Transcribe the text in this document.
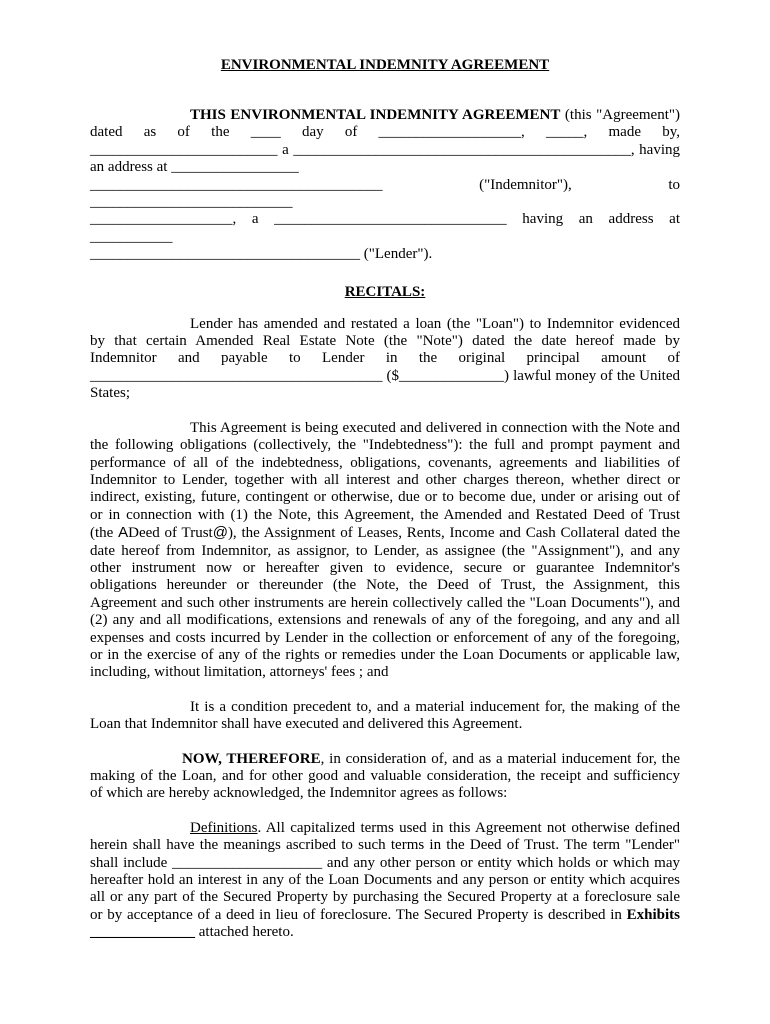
ENVIRONMENTAL INDEMNITY AGREEMENT

THIS ENVIRONMENTAL INDEMNITY AGREEMENT (this "Agreement")

dated as of the ____ day of ___________________, _____, made by,

_________________________ a _____________________________________________, having

an address at _________________

_______________________________________ ("Indemnitor"), to

___________________________

___________________, a _______________________________ having an address at

___________

____________________________________ ("Lender").

RECITALS:

Lender has amended and restated a loan (the "Loan") to Indemnitor evidenced

by that certain Amended Real Estate Note (the "Note") dated the date hereof made by

Indemnitor and payable to Lender in the original principal amount of

_______________________________________ ($______________) lawful money of the United

States;

This Agreement is being executed and delivered in connection with the Note and

the following obligations (collectively, the "Indebtedness"): the full and prompt payment and

performance of all of the indebtedness, obligations, covenants, agreements and liabilities of

Indemnitor to Lender, together with all interest and other charges thereon, whether direct or

indirect, existing, future, contingent or otherwise, due or to become due, under or arising out of

or in connection with (1) the Note, this Agreement, the Amended and Restated Deed of Trust

(the ADeed of Trust@), the Assignment of Leases, Rents, Income and Cash Collateral dated the

date hereof from Indemnitor, as assignor, to Lender, as assignee (the "Assignment"), and any

other instrument now or hereafter given to evidence, secure or guarantee Indemnitor's

obligations hereunder or thereunder (the Note, the Deed of Trust, the Assignment, this

Agreement and such other instruments are herein collectively called the "Loan Documents"), and

(2) any and all modifications, extensions and renewals of any of the foregoing, and any and all

expenses and costs incurred by Lender in the collection or enforcement of any of the foregoing,

or in the exercise of any of the rights or remedies under the Loan Documents or applicable law,

including, without limitation, attorneys' fees ; and

It is a condition precedent to, and a material inducement for, the making of the

Loan that Indemnitor shall have executed and delivered this Agreement.

NOW, THEREFORE, in consideration of, and as a material inducement for, the

making of the Loan, and for other good and valuable consideration, the receipt and sufficiency

of which are hereby acknowledged, the Indemnitor agrees as follows:

Definitions. All capitalized terms used in this Agreement not otherwise defined

herein shall have the meanings ascribed to such terms in the Deed of Trust. The term "Lender"

shall include ____________________ and any other person or entity which holds or which may

hereafter hold an interest in any of the Loan Documents and any person or entity which acquires

all or any part of the Secured Property by purchasing the Secured Property at a foreclosure sale

or by acceptance of a deed in lieu of foreclosure. The Secured Property is described in Exhibits

______________ attached hereto.
